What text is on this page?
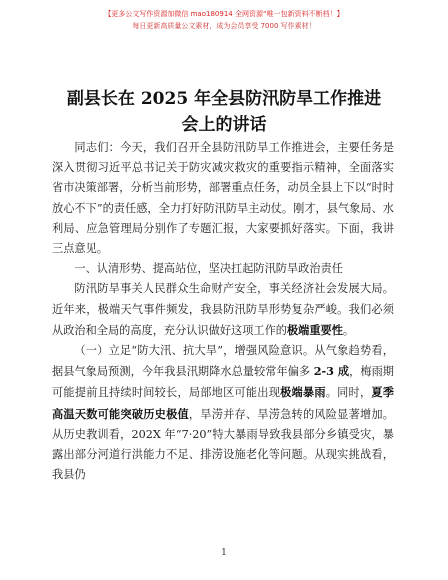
【更多公文写作资源加微信 mao180914 全网资源“唯一包新资料不断档！】
每日更新高质量公文素材，成为会员享受 7000 写作素材！
副县长在 2025 年全县防汛防旱工作推进会上的讲话

同志们：今天，我们召开全县防汛防旱工作推进会，主要任务是深入贯彻习近平总书记关于防灾减灾救灾的重要指示精神，全面落实省市决策部署，分析当前形势，部署重点任务，动员全县上下以“时时放心不下”的责任感，全力打好防汛防旱主动仗。刚才，县气象局、水利局、应急管理局分别作了专题汇报，大家要抓好落实。下面，我讲三点意见。

一、认清形势、提高站位，坚决扛起防汛防旱政治责任

防汛防旱事关人民群众生命财产安全，事关经济社会发展大局。近年来，极端天气事件频发，我县防汛防旱形势复杂严峻。我们必须从政治和全局的高度，充分认识做好这项工作的极端重要性。

（一）立足“防大汛、抗大旱”，增强风险意识。从气象趋势看，据县气象局预测，今年我县汛期降水总量较常年偏多 2-3 成，梅雨期可能提前且持续时间较长，局部地区可能出现极端暴雨。同时，夏季高温天数可能突破历史极值，旱涝并存、旱涝急转的风险显著增加。从历史教训看，202X 年“7·20”特大暴雨导致我县部分乡镇受灾，暴露出部分河道行洪能力不足、排涝设施老化等问题。从现实挑战看，我县仍

1
